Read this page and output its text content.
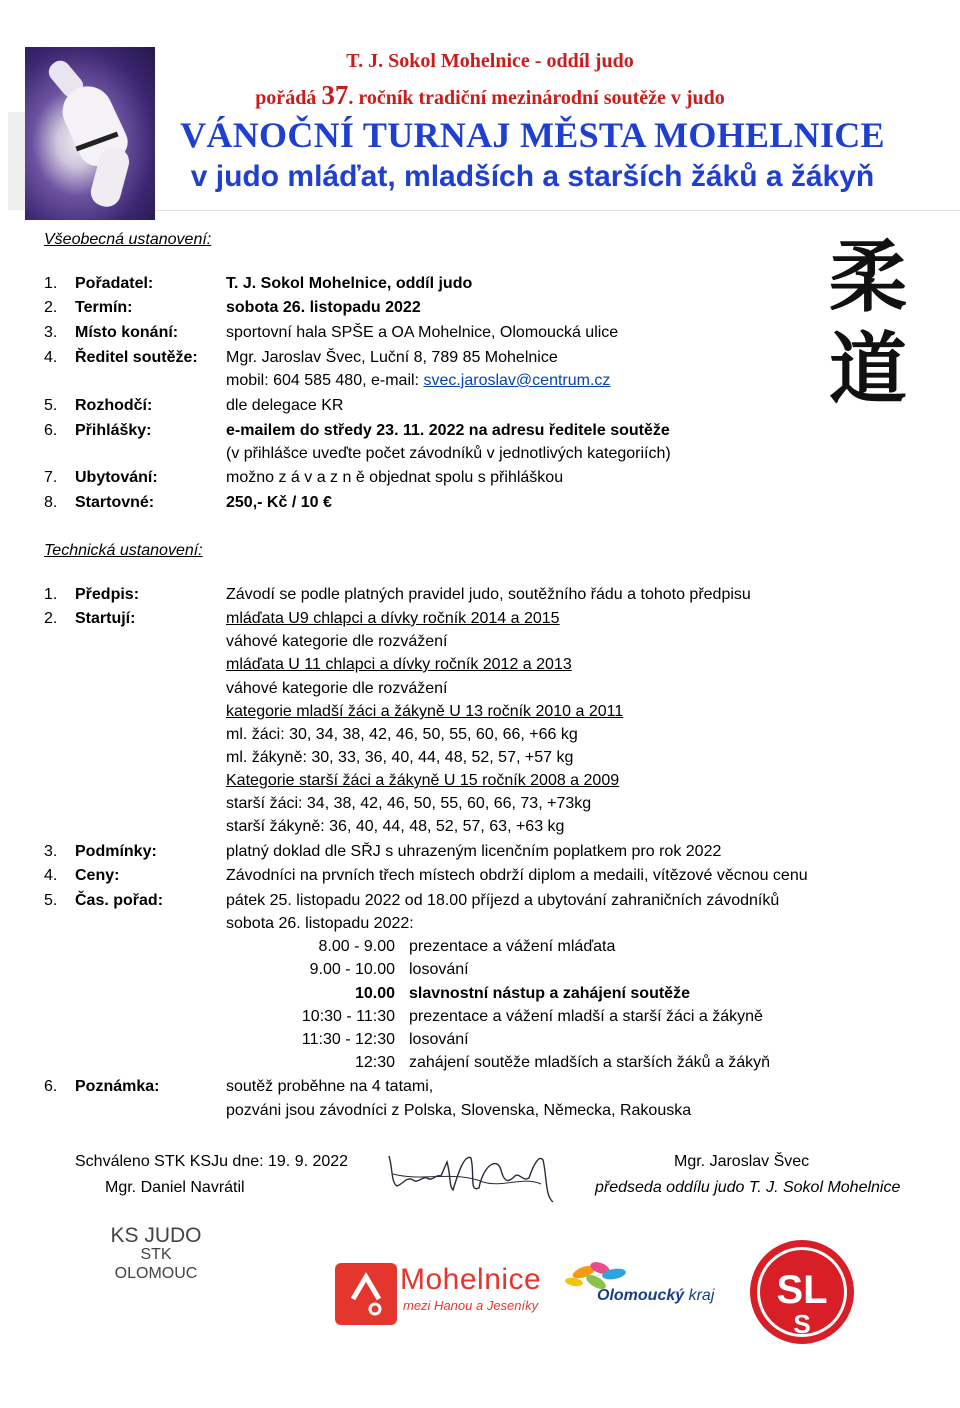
T. J. Sokol Mohelnice - oddíl judo
pořádá 37. ročník tradiční mezinárodní soutěže v judo
VÁNOČNÍ TURNAJ MĚSTA MOHELNICE
v judo mláďat, mladších a starších žáků a žákyň
柔
道
Všeobecná ustanovení:
1.	Pořadatel:	T. J. Sokol Mohelnice, oddíl judo
2.	Termín:	sobota 26. listopadu 2022
3.	Místo konání:	sportovní hala SPŠE a OA Mohelnice, Olomoucká ulice
4.	Ředitel soutěže: Mgr. Jaroslav Švec, Luční 8, 789 85 Mohelnice
mobil: 604 585 480, e-mail: svec.jaroslav@centrum.cz
5.	Rozhodčí:	dle delegace KR
6.	Přihlášky:	e-mailem do středy 23. 11. 2022 na adresu ředitele soutěže
(v přihlášce uveďte počet závodníků v jednotlivých kategoriích)
7.	Ubytování:	možno z á v a z n ě objednat spolu s přihláškou
8.	Startovné:	250,- Kč / 10 €
Technická ustanovení:
1.	Předpis:	Závodí se podle platných pravidel judo, soutěžního řádu a tohoto předpisu
2.	Startují:	mláďata U9 chlapci a dívky ročník 2014 a 2015
váhové kategorie dle rozvážení
mláďata U 11 chlapci a dívky ročník 2012 a 2013
váhové kategorie dle rozvážení
kategorie mladší žáci a žákyně U 13 ročník 2010 a 2011
ml. žáci: 30, 34, 38, 42, 46, 50, 55, 60, 66, +66 kg
ml. žákyně: 30, 33, 36, 40, 44, 48, 52, 57, +57 kg
Kategorie starší žáci a žákyně U 15 ročník 2008 a 2009
starší žáci: 34, 38, 42, 46, 50, 55, 60, 66, 73, +73kg
starší žákyně: 36, 40, 44, 48, 52, 57, 63, +63 kg
3.	Podmínky:	platný doklad dle SŘJ s uhrazeným licenčním poplatkem pro rok 2022
4.	Ceny:	Závodníci na prvních třech místech obdrží diplom a medaili, vítězové věcnou cenu
5.	Čas. pořad:	pátek 25. listopadu 2022 od 18.00 příjezd a ubytování zahraničních závodníků
sobota 26. listopadu 2022:
8.00 - 9.00 prezentace a vážení mláďata
9.00 - 10.00 losování
10.00 slavnostní nástup a zahájení soutěže
10:30 - 11:30 prezentace a vážení mladší a starší žáci a žákyně
11:30 - 12:30 losování
12:30 zahájení soutěže mladších a starších žáků a žákyň
6.	Poznámka:	soutěž proběhne na 4 tatami,
pozváni jsou závodníci z Polska, Slovenska, Německa, Rakouska
Schváleno STK KSJu dne: 19. 9. 2022
Mgr. Daniel Navrátil
Mgr. Jaroslav Švec
předseda oddílu judo T. J. Sokol Mohelnice
KS JUDO
STK
OLOMOUC	Mohelnice
mezi Hanou a Jeseníky
Olomoucký kraj SL
S
